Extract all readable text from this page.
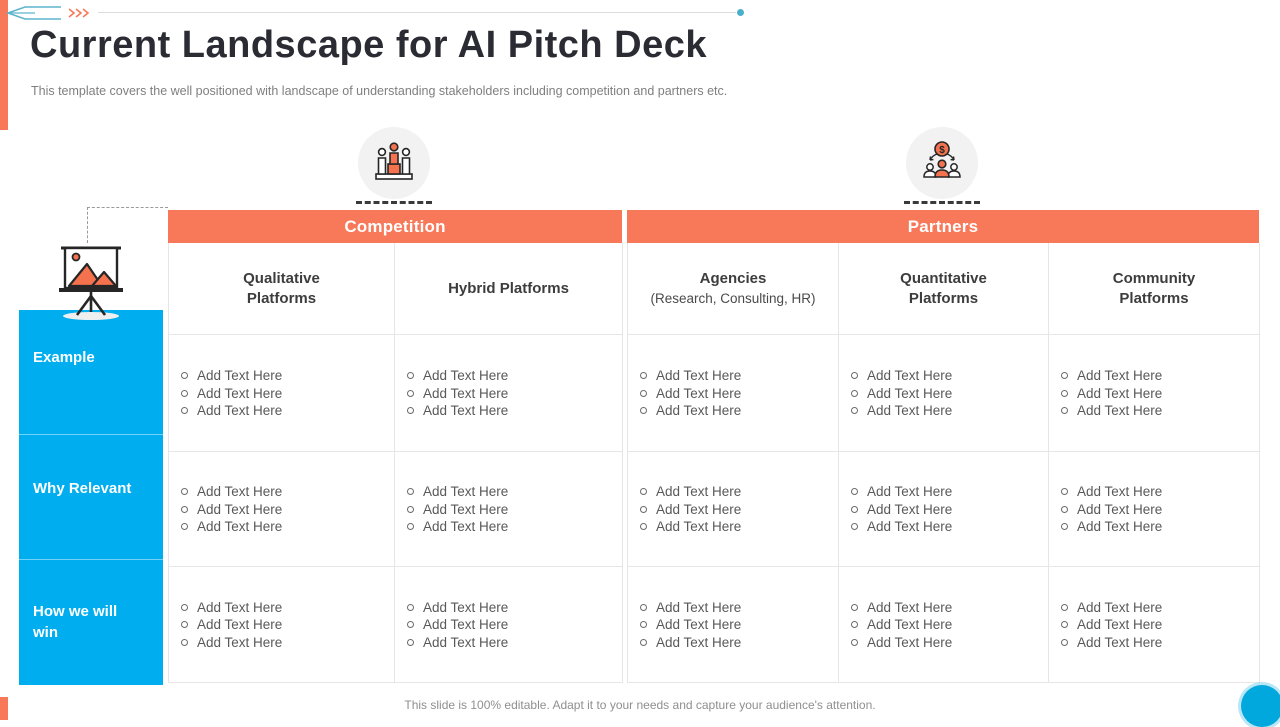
Current Landscape for AI Pitch Deck
This template covers the well positioned with landscape of understanding stakeholders including competition and partners etc.
$
Competition	Partners
Qualitative Platforms
Hybrid Platforms
Add Text Here
Add Text Here
Add Text Here
Add Text Here
Add Text Here
Add Text Here
Add Text Here
Add Text Here
Add Text Here
Add Text Here
Add Text Here
Add Text Here
Add Text Here
Add Text Here
Add Text Here
Add Text Here
Add Text Here
Add Text Here
Agencies
(Research, Consulting, HR)
Quantitative Platforms
Community Platforms
Add Text Here
Add Text Here
Add Text Here
Add Text Here
Add Text Here
Add Text Here
Add Text Here
Add Text Here
Add Text Here
Add Text Here
Add Text Here
Add Text Here
Add Text Here
Add Text Here
Add Text Here
Add Text Here
Add Text Here
Add Text Here
Add Text Here
Add Text Here
Add Text Here
Add Text Here
Add Text Here
Add Text Here
Add Text Here
Add Text Here
Add Text Here
Example
Why Relevant
How we will win
This slide is 100% editable. Adapt it to your needs and capture your audience's attention.
